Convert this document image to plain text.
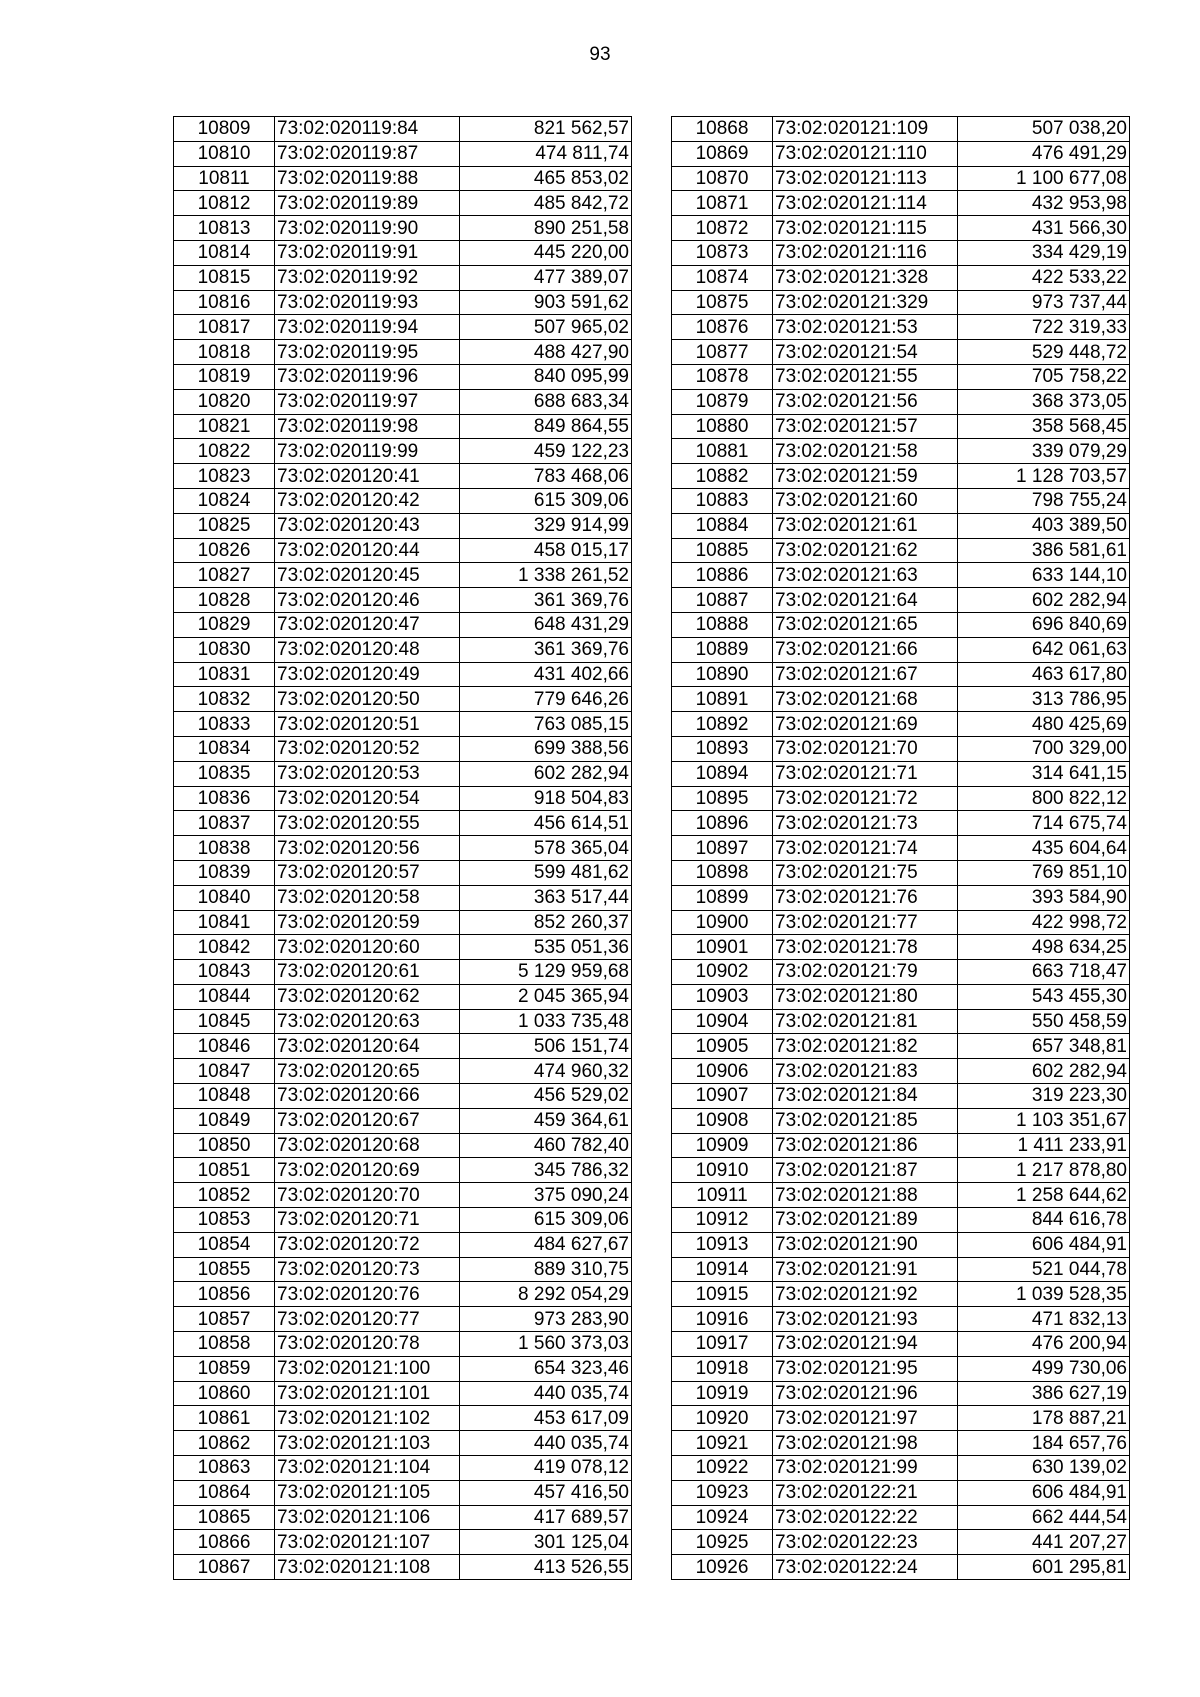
93
10809	73:02:020119:84	821 562,57
10810	73:02:020119:87	474 811,74
10811	73:02:020119:88	465 853,02
10812	73:02:020119:89	485 842,72
10813	73:02:020119:90	890 251,58
10814	73:02:020119:91	445 220,00
10815	73:02:020119:92	477 389,07
10816	73:02:020119:93	903 591,62
10817	73:02:020119:94	507 965,02
10818	73:02:020119:95	488 427,90
10819	73:02:020119:96	840 095,99
10820	73:02:020119:97	688 683,34
10821	73:02:020119:98	849 864,55
10822	73:02:020119:99	459 122,23
10823	73:02:020120:41	783 468,06
10824	73:02:020120:42	615 309,06
10825	73:02:020120:43	329 914,99
10826	73:02:020120:44	458 015,17
10827	73:02:020120:45	1 338 261,52
10828	73:02:020120:46	361 369,76
10829	73:02:020120:47	648 431,29
10830	73:02:020120:48	361 369,76
10831	73:02:020120:49	431 402,66
10832	73:02:020120:50	779 646,26
10833	73:02:020120:51	763 085,15
10834	73:02:020120:52	699 388,56
10835	73:02:020120:53	602 282,94
10836	73:02:020120:54	918 504,83
10837	73:02:020120:55	456 614,51
10838	73:02:020120:56	578 365,04
10839	73:02:020120:57	599 481,62
10840	73:02:020120:58	363 517,44
10841	73:02:020120:59	852 260,37
10842	73:02:020120:60	535 051,36
10843	73:02:020120:61	5 129 959,68
10844	73:02:020120:62	2 045 365,94
10845	73:02:020120:63	1 033 735,48
10846	73:02:020120:64	506 151,74
10847	73:02:020120:65	474 960,32
10848	73:02:020120:66	456 529,02
10849	73:02:020120:67	459 364,61
10850	73:02:020120:68	460 782,40
10851	73:02:020120:69	345 786,32
10852	73:02:020120:70	375 090,24
10853	73:02:020120:71	615 309,06
10854	73:02:020120:72	484 627,67
10855	73:02:020120:73	889 310,75
10856	73:02:020120:76	8 292 054,29
10857	73:02:020120:77	973 283,90
10858	73:02:020120:78	1 560 373,03
10859	73:02:020121:100	654 323,46
10860	73:02:020121:101	440 035,74
10861	73:02:020121:102	453 617,09
10862	73:02:020121:103	440 035,74
10863	73:02:020121:104	419 078,12
10864	73:02:020121:105	457 416,50
10865	73:02:020121:106	417 689,57
10866	73:02:020121:107	301 125,04
10867	73:02:020121:108	413 526,55
10868	73:02:020121:109	507 038,20
10869	73:02:020121:110	476 491,29
10870	73:02:020121:113	1 100 677,08
10871	73:02:020121:114	432 953,98
10872	73:02:020121:115	431 566,30
10873	73:02:020121:116	334 429,19
10874	73:02:020121:328	422 533,22
10875	73:02:020121:329	973 737,44
10876	73:02:020121:53	722 319,33
10877	73:02:020121:54	529 448,72
10878	73:02:020121:55	705 758,22
10879	73:02:020121:56	368 373,05
10880	73:02:020121:57	358 568,45
10881	73:02:020121:58	339 079,29
10882	73:02:020121:59	1 128 703,57
10883	73:02:020121:60	798 755,24
10884	73:02:020121:61	403 389,50
10885	73:02:020121:62	386 581,61
10886	73:02:020121:63	633 144,10
10887	73:02:020121:64	602 282,94
10888	73:02:020121:65	696 840,69
10889	73:02:020121:66	642 061,63
10890	73:02:020121:67	463 617,80
10891	73:02:020121:68	313 786,95
10892	73:02:020121:69	480 425,69
10893	73:02:020121:70	700 329,00
10894	73:02:020121:71	314 641,15
10895	73:02:020121:72	800 822,12
10896	73:02:020121:73	714 675,74
10897	73:02:020121:74	435 604,64
10898	73:02:020121:75	769 851,10
10899	73:02:020121:76	393 584,90
10900	73:02:020121:77	422 998,72
10901	73:02:020121:78	498 634,25
10902	73:02:020121:79	663 718,47
10903	73:02:020121:80	543 455,30
10904	73:02:020121:81	550 458,59
10905	73:02:020121:82	657 348,81
10906	73:02:020121:83	602 282,94
10907	73:02:020121:84	319 223,30
10908	73:02:020121:85	1 103 351,67
10909	73:02:020121:86	1 411 233,91
10910	73:02:020121:87	1 217 878,80
10911	73:02:020121:88	1 258 644,62
10912	73:02:020121:89	844 616,78
10913	73:02:020121:90	606 484,91
10914	73:02:020121:91	521 044,78
10915	73:02:020121:92	1 039 528,35
10916	73:02:020121:93	471 832,13
10917	73:02:020121:94	476 200,94
10918	73:02:020121:95	499 730,06
10919	73:02:020121:96	386 627,19
10920	73:02:020121:97	178 887,21
10921	73:02:020121:98	184 657,76
10922	73:02:020121:99	630 139,02
10923	73:02:020122:21	606 484,91
10924	73:02:020122:22	662 444,54
10925	73:02:020122:23	441 207,27
10926	73:02:020122:24	601 295,81
